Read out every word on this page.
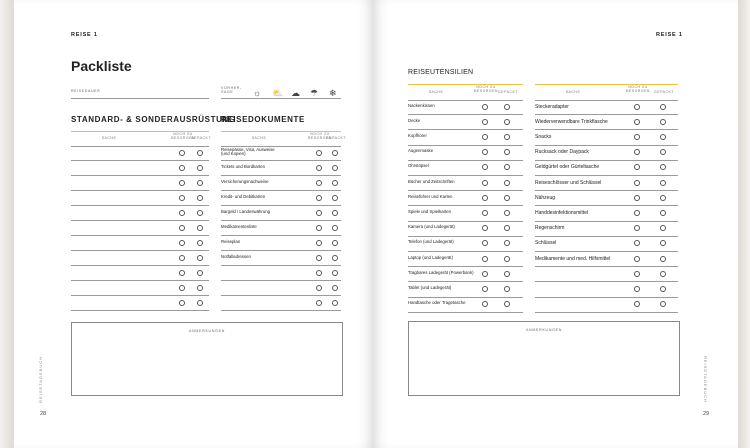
REISE 1
Packliste
REISEDAUER
VORHER-
SAGE	☼ ⛅ ☁ ☂ ❄
STANDARD- & SONDERAUSRÜSTUNG
REISEDOKUMENTE
SACHE
NOCH ZU
BESORGEN
GEPACKT	SACHE
NOCH ZU
BESORGEN
GEPACKT
Reisepässe, Visa, Ausweise
(und Kopien)
Tickets und Bordkarten
Versicherungsnachweise
Kredit- und Debitkarten
Bargeld / Landeswährung
Medikamentenliste
Reiseplan
Notfalladressen
ANMERKUNGEN
REISETAGEBUCH
28
REISE 1
REISEUTENSILIEN
SACHE
NOCH ZU
BESORGEN GEPACKT
Nackenkissen
Decke
Kopfhörer
Augenmaske
Ohrstöpsel
Bücher und Zeitschriften
Reiseführer und Karten
Spiele und Spielkarten
Kamera (und Ladegerät)
Telefon (und Ladegerät)
Laptop (und Ladegerät)
Tragbares Ladegerät (Powerbank)
Tablet (und Ladegerät)
Handtasche oder Tragetasche
SACHE
NOCH ZU
BESORGEN	GEPACKT
Steckeradapter
Wiederverwendbare Trinkflasche
Snacks
Rucksack oder Daypack
Geldgürtel oder Gürteltasche
Reiseschlösser und Schlüssel
Nähzeug
Handdesinfektionsmittel
Regenschirm
Schlüssel
Medikamente und med. Hilfsmittel
ANMERKUNGEN
REISETAGEBUCH
29
